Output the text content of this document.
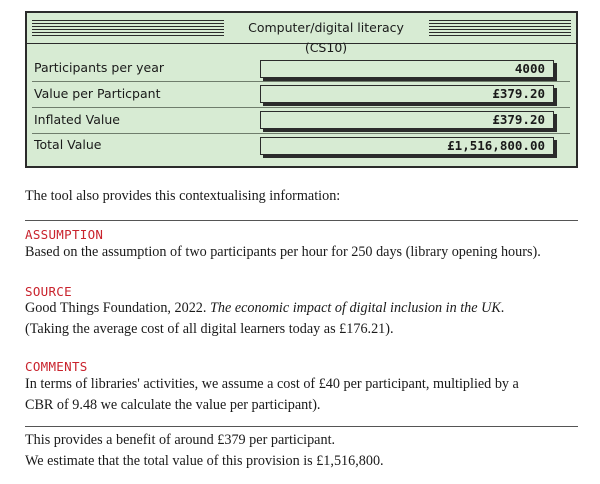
Computer/digital literacy (CS10)
Participants per year	4000
Value per Particpant	£379.20
Inflated Value	£379.20
Total Value	£1,516,800.00
The tool also provides this contextualising information:
ASSUMPTION
Based on the assumption of two participants per hour for 250 days (library opening hours).
SOURCE
Good Things Foundation, 2022. The economic impact of digital inclusion in the UK.
(Taking the average cost of all digital learners today as £176.21).
COMMENTS
In terms of libraries' activities, we assume a cost of £40 per participant, multiplied by a
CBR of 9.48 we calculate the value per participant).
This provides a benefit of around £379 per participant.
We estimate that the total value of this provision is £1,516,800.
